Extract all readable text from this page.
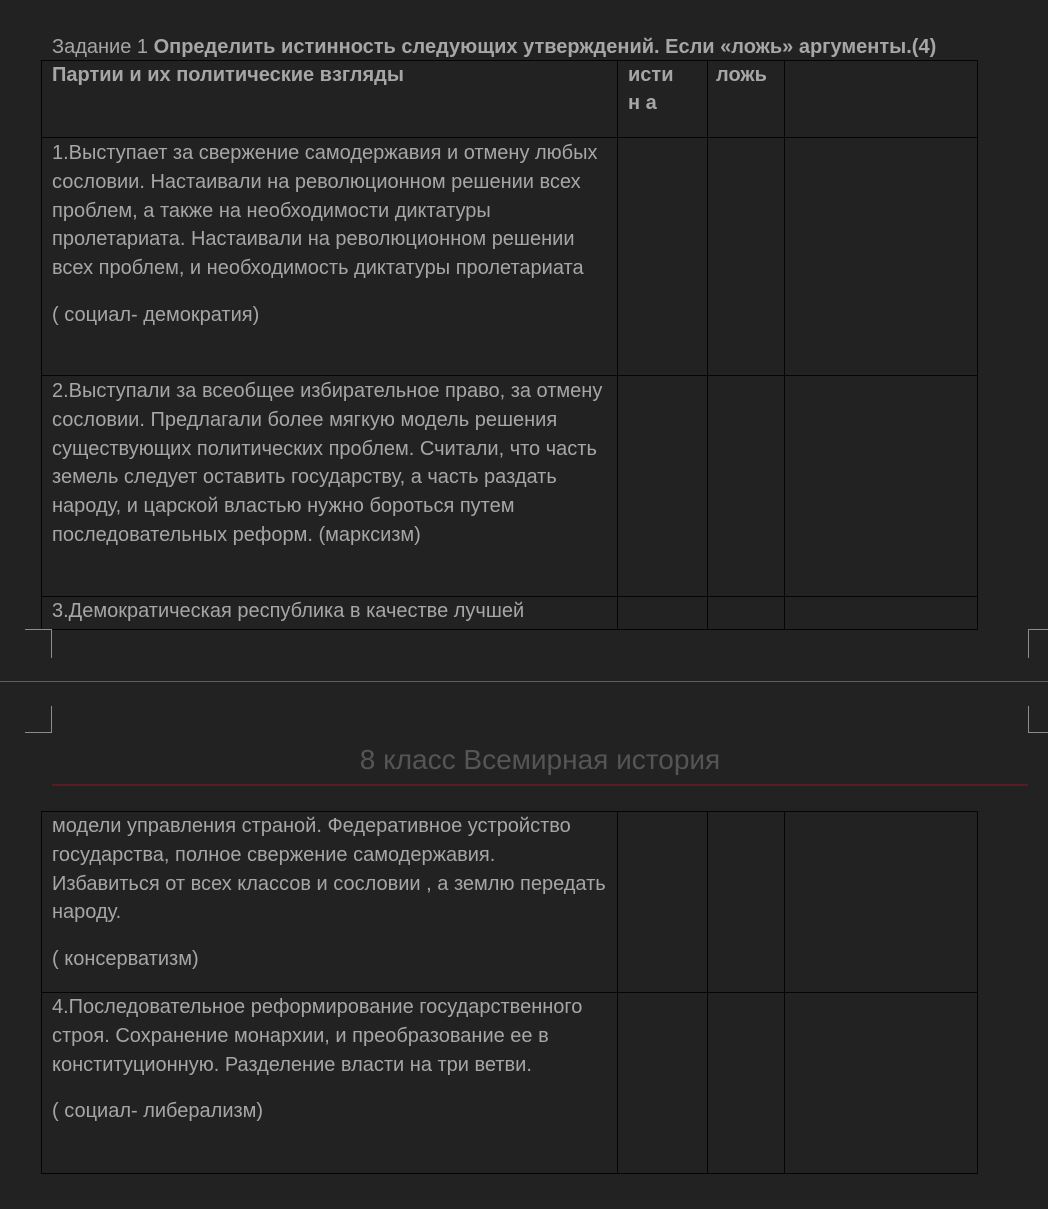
Задание 1 Определить истинность следующих утверждений. Если «ложь» аргументы.(4)
Партии и их политические взгляды	истин а	ложь	

1.Выступает за свержение самодержавия и отмену любых сословии. Настаивали на революционном решении всех проблем, а также на необходимости диктатуры пролетариата. Настаивали на революционном решении всех проблем, и необходимость диктатуры пролетариата

( социал- демократия)			

2.Выступали за всеобщее избирательное право, за отмену сословии. Предлагали более мягкую модель решения существующих политических проблем. Считали, что часть земель следует оставить государству, а часть раздать народу, и царской властью нужно бороться путем последовательных реформ. (марксизм)			

3.Демократическая республика в качестве лучшей			

8 класс Всемирная история

модели управления страной. Федеративное устройство государства, полное свержение самодержавия. Избавиться от всех классов и сословии , а землю передать народу.

( консерватизм)			

4.Последовательное реформирование государственного строя. Сохранение монархии, и преобразование ее в конституционную. Разделение власти на три ветви.

( социал- либерализм)			
